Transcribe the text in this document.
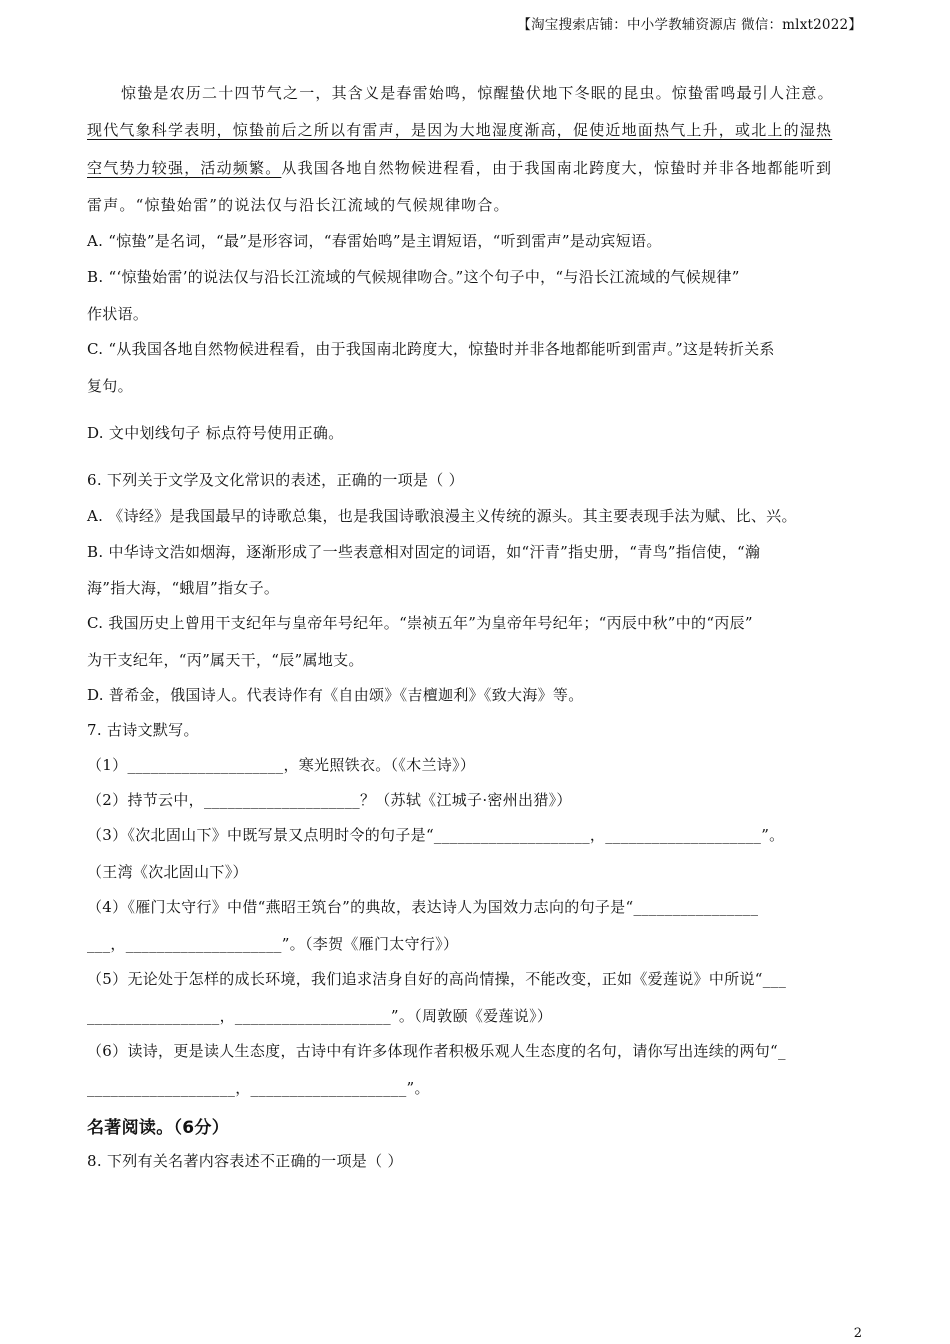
【淘宝搜索店铺：中小学教辅资源店 微信：mlxt2022】
惊蛰是农历二十四节气之一，其含义是春雷始鸣，惊醒蛰伏地下冬眠的昆虫。惊蛰雷鸣最引人注意。
现代气象科学表明，惊蛰前后之所以有雷声，是因为大地湿度渐高，促使近地面热气上升，或北上的湿热
空气势力较强，活动频繁。从我国各地自然物候进程看，由于我国南北跨度大，惊蛰时并非各地都能听到
雷声。“惊蛰始雷”的说法仅与沿长江流域的气候规律吻合。
A. “惊蛰”是名词，“最”是形容词，“春雷始鸣”是主谓短语，“听到雷声”是动宾短语。
B. “‘惊蛰始雷’的说法仅与沿长江流域的气候规律吻合。”这个句子中，“与沿长江流域的气候规律”
作状语。
C. “从我国各地自然物候进程看，由于我国南北跨度大，惊蛰时并非各地都能听到雷声。”这是转折关系
复句。
D. 文中划线句子 标点符号使用正确。
6. 下列关于文学及文化常识的表述，正确的一项是（ ）
A. 《诗经》是我国最早的诗歌总集，也是我国诗歌浪漫主义传统的源头。其主要表现手法为赋、比、兴。
B. 中华诗文浩如烟海，逐渐形成了一些表意相对固定的词语，如“汗青”指史册，“青鸟”指信使，“瀚
海”指大海，“蛾眉”指女子。
C. 我国历史上曾用干支纪年与皇帝年号纪年。“崇祯五年”为皇帝年号纪年；“丙辰中秋”中的“丙辰”
为干支纪年，“丙”属天干，“辰”属地支。
D. 普希金，俄国诗人。代表诗作有《自由颂》《吉檀迦利》《致大海》等。
7. 古诗文默写。
（1）____________________，寒光照铁衣。（《木兰诗》）
（2）持节云中，____________________？（苏轼《江城子·密州出猎》）
（3）《次北固山下》中既写景又点明时令的句子是“____________________，____________________”。
（王湾《次北固山下》）
（4）《雁门太守行》中借“燕昭王筑台”的典故，表达诗人为国效力志向的句子是“________________
___，____________________”。（李贺《雁门太守行》）
（5）无论处于怎样的成长环境，我们追求洁身自好的高尚情操，不能改变，正如《爱莲说》中所说“___
_________________，____________________”。（周敦颐《爱莲说》）
（6）读诗，更是读人生态度，古诗中有许多体现作者积极乐观人生态度的名句，请你写出连续的两句“_
___________________，____________________”。
名著阅读。（6分）
8. 下列有关名著内容表述不正确的一项是（ ）
2
